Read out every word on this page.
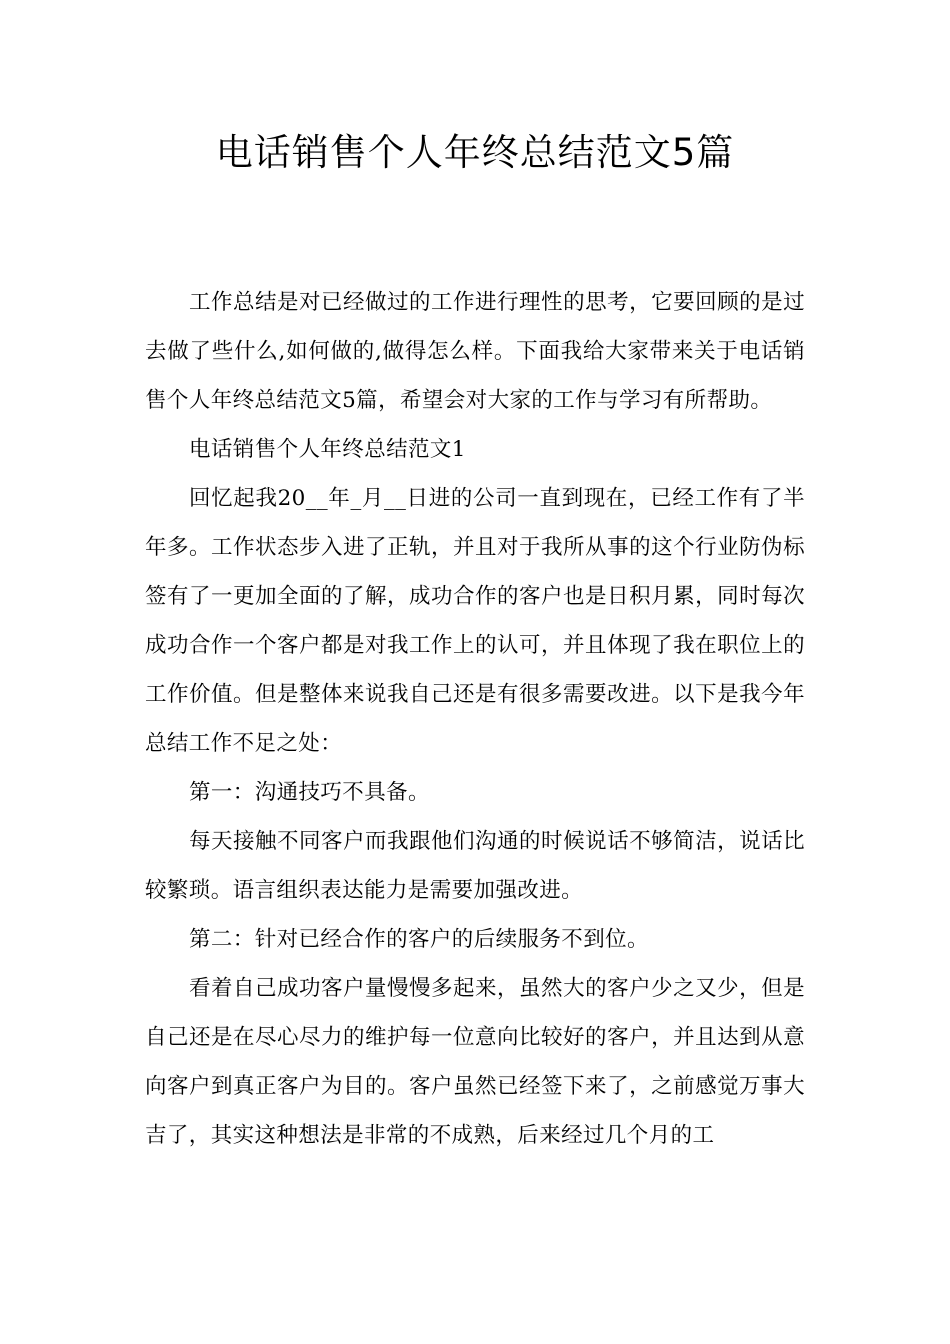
电话销售个人年终总结范文5篇

工作总结是对已经做过的工作进行理性的思考，它要回顾的是过去做了些什么,如何做的,做得怎么样。下面我给大家带来关于电话销售个人年终总结范文5篇，希望会对大家的工作与学习有所帮助。

电话销售个人年终总结范文1

回忆起我20__年_月__日进的公司一直到现在，已经工作有了半年多。工作状态步入进了正轨，并且对于我所从事的这个行业防伪标签有了一更加全面的了解，成功合作的客户也是日积月累，同时每次成功合作一个客户都是对我工作上的认可，并且体现了我在职位上的工作价值。但是整体来说我自己还是有很多需要改进。以下是我今年总结工作不足之处：

第一：沟通技巧不具备。

每天接触不同客户而我跟他们沟通的时候说话不够简洁，说话比较繁琐。语言组织表达能力是需要加强改进。

第二：针对已经合作的客户的后续服务不到位。

看着自己成功客户量慢慢多起来，虽然大的客户少之又少，但是自己还是在尽心尽力的维护每一位意向比较好的客户，并且达到从意向客户到真正客户为目的。客户虽然已经签下来了，之前感觉万事大吉了，其实这种想法是非常的不成熟，后来经过几个月的工
